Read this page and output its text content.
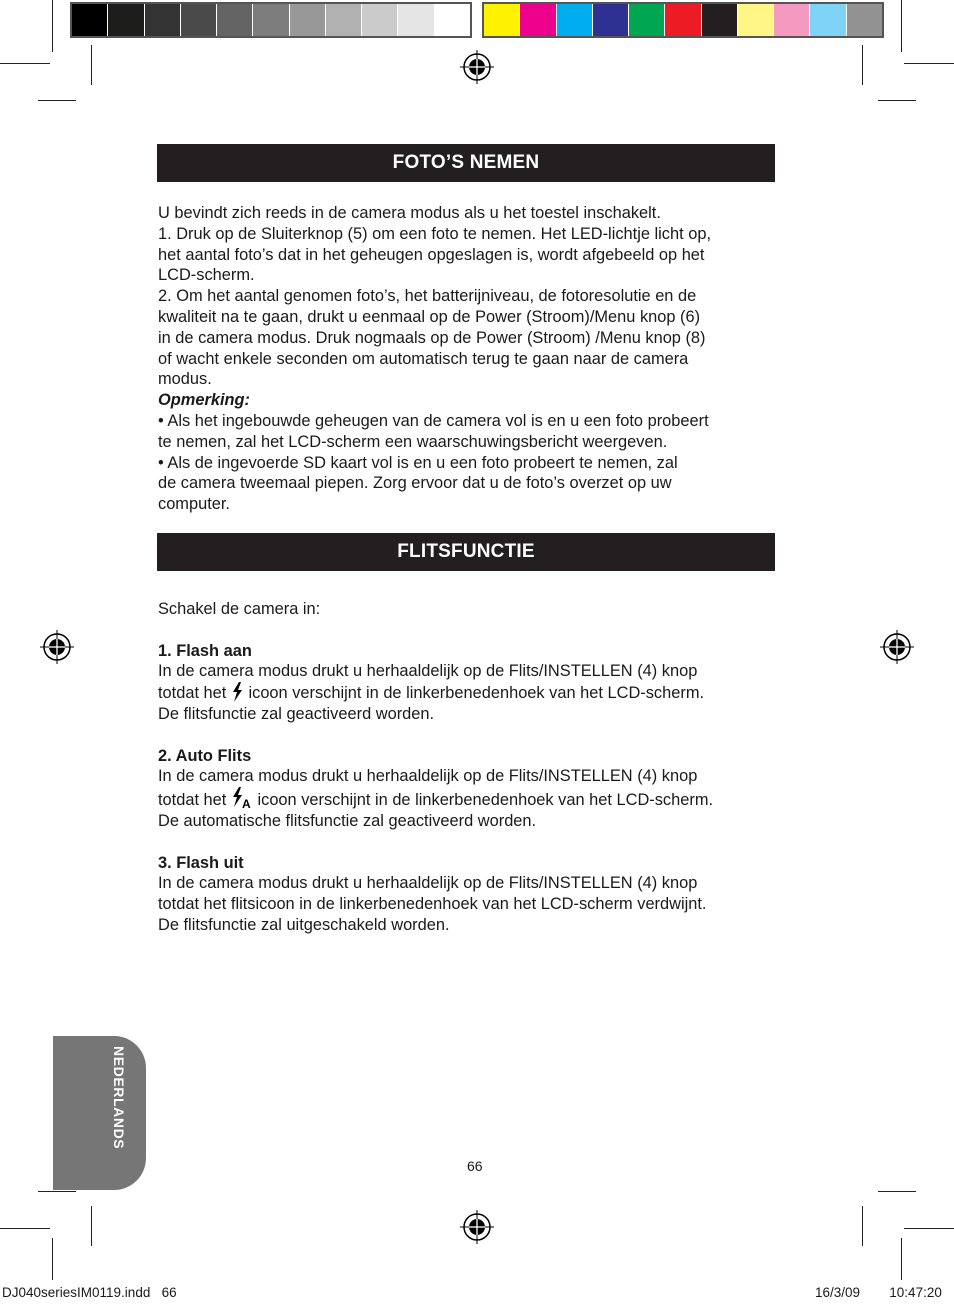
FOTO’S NEMEN

U bevindt zich reeds in de camera modus als u het toestel inschakelt.

1. Druk op de Sluiterknop (5) om een foto te nemen. Het LED-lichtje licht op,

het aantal foto’s dat in het geheugen opgeslagen is, wordt afgebeeld op het

LCD-scherm.

2. Om het aantal genomen foto’s, het batterijniveau, de fotoresolutie en de

kwaliteit na te gaan, drukt u eenmaal op de Power (Stroom)/Menu knop (6)

in de camera modus. Druk nogmaals op de Power (Stroom) /Menu knop (8)

of wacht enkele seconden om automatisch terug te gaan naar de camera

modus.

Opmerking:

• Als het ingebouwde geheugen van de camera vol is en u een foto probeert

te nemen, zal het LCD-scherm een waarschuwingsbericht weergeven.

• Als de ingevoerde SD kaart vol is en u een foto probeert te nemen, zal

de camera tweemaal piepen. Zorg ervoor dat u de foto’s overzet op uw

computer.

FLITSFUNCTIE

Schakel de camera in:

1. Flash aan

In de camera modus drukt u herhaaldelijk op de Flits/INSTELLEN (4) knop

totdat het icoon verschijnt in de linkerbenedenhoek van het LCD-scherm.

De flitsfunctie zal geactiveerd worden.

2. Auto Flits

In de camera modus drukt u herhaaldelijk op de Flits/INSTELLEN (4) knop

totdat het A icoon verschijnt in de linkerbenedenhoek van het LCD-scherm.

De automatische flitsfunctie zal geactiveerd worden.

3. Flash uit

In de camera modus drukt u herhaaldelijk op de Flits/INSTELLEN (4) knop

totdat het flitsicoon in de linkerbenedenhoek van het LCD-scherm verdwijnt.

De flitsfunctie zal uitgeschakeld worden.

NEDERLANDS
66
DJ040seriesIM0119.indd   66	16/3/09   10:47:20
